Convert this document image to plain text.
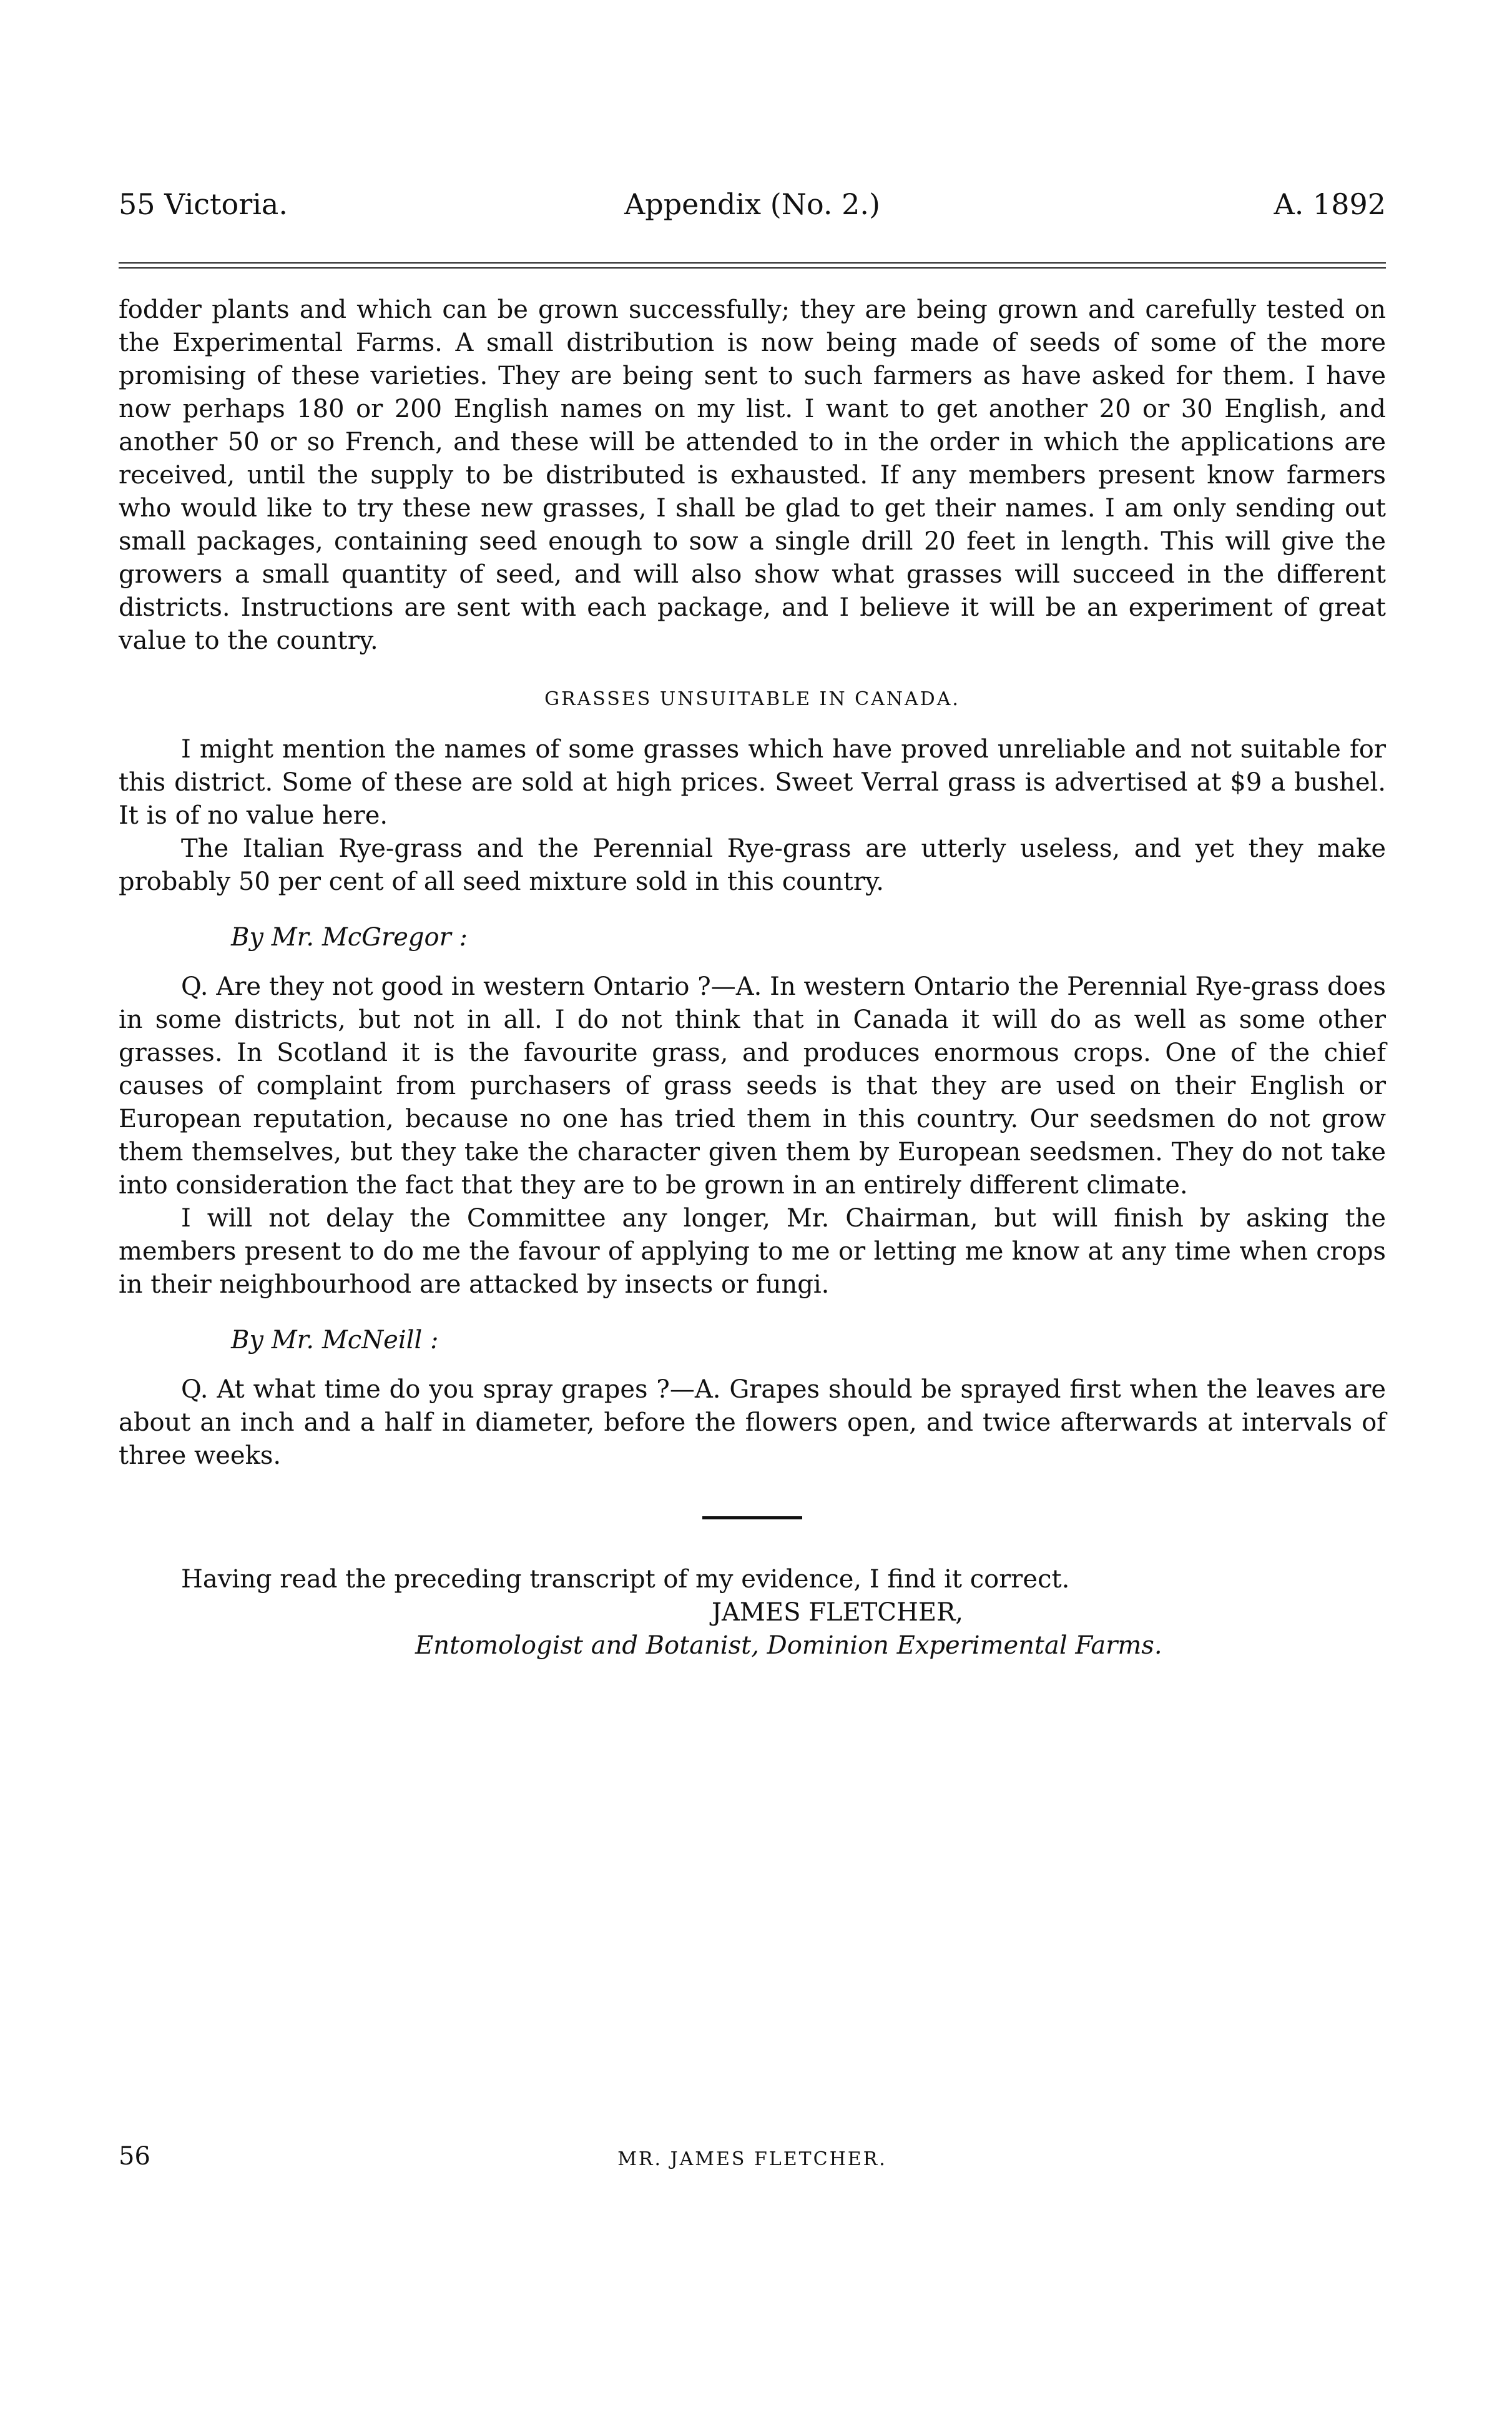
55 Victoria.	Appendix (No. 2.)	A. 1892

fodder plants and which can be grown successfully; they are being grown and carefully tested on the Experimental Farms. A small distribution is now being made of seeds of some of the more promising of these varieties. They are being sent to such farmers as have asked for them. I have now perhaps 180 or 200 English names on my list. I want to get another 20 or 30 English, and another 50 or so French, and these will be attended to in the order in which the applications are received, until the supply to be distributed is exhausted. If any members present know farmers who would like to try these new grasses, I shall be glad to get their names. I am only sending out small packages, containing seed enough to sow a single drill 20 feet in length. This will give the growers a small quantity of seed, and will also show what grasses will succeed in the different districts. Instructions are sent with each package, and I believe it will be an experiment of great value to the country.

GRASSES UNSUITABLE IN CANADA.

I might mention the names of some grasses which have proved unreliable and not suitable for this district. Some of these are sold at high prices. Sweet Verral grass is advertised at $9 a bushel. It is of no value here.

The Italian Rye-grass and the Perennial Rye-grass are utterly useless, and yet they make probably 50 per cent of all seed mixture sold in this country.

By Mr. McGregor :

Q. Are they not good in western Ontario ?—A. In western Ontario the Perennial Rye-grass does in some districts, but not in all. I do not think that in Canada it will do as well as some other grasses. In Scotland it is the favourite grass, and produces enormous crops. One of the chief causes of complaint from purchasers of grass seeds is that they are used on their English or European reputation, because no one has tried them in this country. Our seedsmen do not grow them themselves, but they take the character given them by European seedsmen. They do not take into consideration the fact that they are to be grown in an entirely different climate.

I will not delay the Committee any longer, Mr. Chairman, but will finish by asking the members present to do me the favour of applying to me or letting me know at any time when crops in their neighbourhood are attacked by insects or fungi.

By Mr. McNeill :

Q. At what time do you spray grapes ?—A. Grapes should be sprayed first when the leaves are about an inch and a half in diameter, before the flowers open, and twice afterwards at intervals of three weeks.

Having read the preceding transcript of my evidence, I find it correct.

JAMES FLETCHER,

Entomologist and Botanist, Dominion Experimental Farms.

56	MR. JAMES FLETCHER.
